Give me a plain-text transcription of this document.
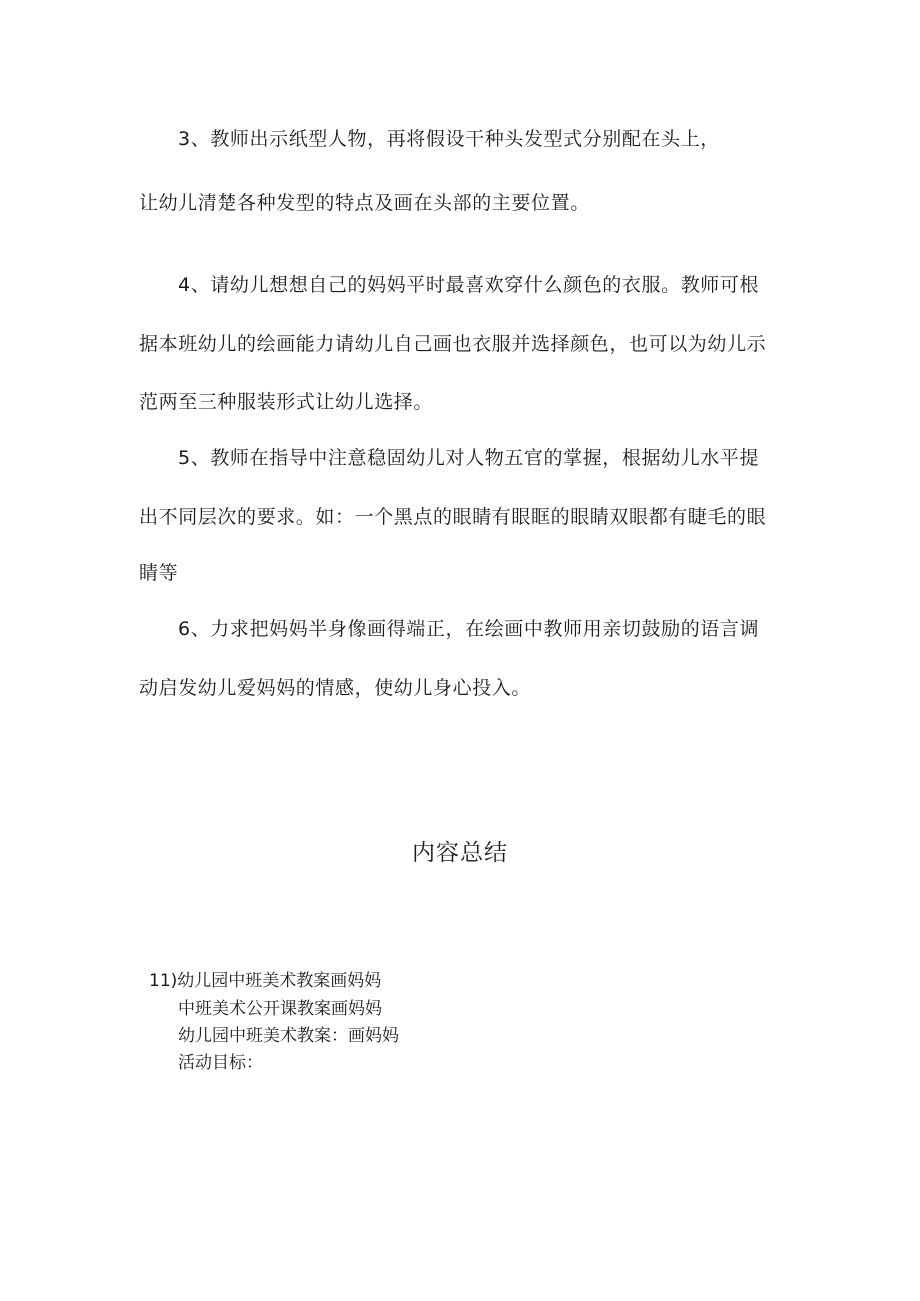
3、教师出示纸型人物，再将假设干种头发型式分别配在头上，
让幼儿清楚各种发型的特点及画在头部的主要位置。
4、请幼儿想想自己的妈妈平时最喜欢穿什么颜色的衣服。教师可根
据本班幼儿的绘画能力请幼儿自己画也衣服并选择颜色，也可以为幼儿示
范两至三种服装形式让幼儿选择。
5、教师在指导中注意稳固幼儿对人物五官的掌握，根据幼儿水平提
出不同层次的要求。如：一个黑点的眼睛有眼眶的眼睛双眼都有睫毛的眼
睛等
6、力求把妈妈半身像画得端正，在绘画中教师用亲切鼓励的语言调
动启发幼儿爱妈妈的情感，使幼儿身心投入。
内容总结
11)幼儿园中班美术教案画妈妈
中班美术公开课教案画妈妈
幼儿园中班美术教案：画妈妈
活动目标：
